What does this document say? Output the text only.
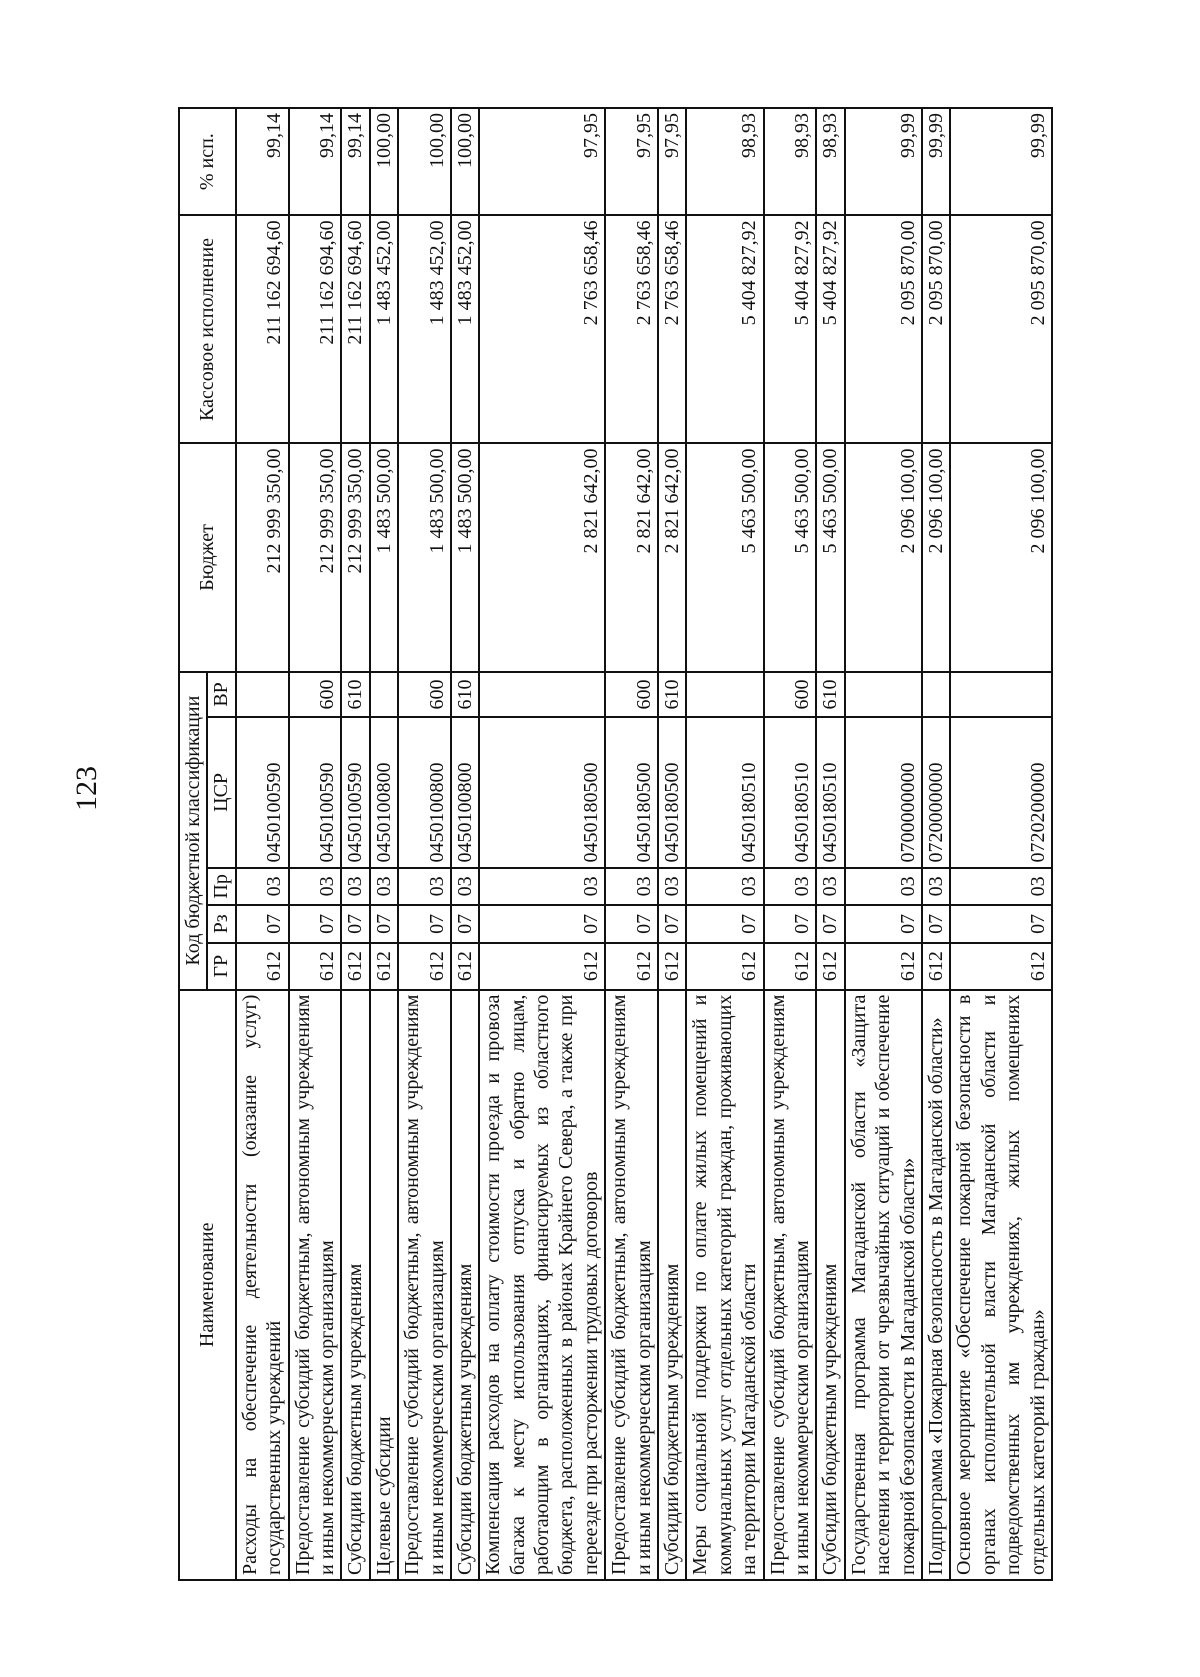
123
Наименование	Код бюджетной классификации					Бюджет	Кассовое исполнение	% исп.
	ГР	Рз	Пр	ЦСР	ВР			
Расходы на обеспечение деятельности (оказание услуг) государственных учреждений	612	07	03	0450100590		212 999 350,00	211 162 694,60	99,14
Предоставление субсидий бюджетным, автономным учреждениям и иным некоммерческим организациям	612	07	03	0450100590	600	212 999 350,00	211 162 694,60	99,14
Субсидии бюджетным учреждениям	612	07	03	0450100590	610	212 999 350,00	211 162 694,60	99,14
Целевые субсидии	612	07	03	0450100800		1 483 500,00	1 483 452,00	100,00
Предоставление субсидий бюджетным, автономным учреждениям и иным некоммерческим организациям	612	07	03	0450100800	600	1 483 500,00	1 483 452,00	100,00
Субсидии бюджетным учреждениям	612	07	03	0450100800	610	1 483 500,00	1 483 452,00	100,00
Компенсация расходов на оплату стоимости проезда и провоза багажа к месту использования отпуска и обратно лицам, работающим в организациях, финансируемых из областного бюджета, расположенных в районах Крайнего Севера, а также при переезде при расторжении трудовых договоров	612	07	03	0450180500		2 821 642,00	2 763 658,46	97,95
Предоставление субсидий бюджетным, автономным учреждениям и иным некоммерческим организациям	612	07	03	0450180500	600	2 821 642,00	2 763 658,46	97,95
Субсидии бюджетным учреждениям	612	07	03	0450180500	610	2 821 642,00	2 763 658,46	97,95
Меры социальной поддержки по оплате жилых помещений и коммунальных услуг отдельных категорий граждан, проживающих на территории Магаданской области	612	07	03	0450180510		5 463 500,00	5 404 827,92	98,93
Предоставление субсидий бюджетным, автономным учреждениям и иным некоммерческим организациям	612	07	03	0450180510	600	5 463 500,00	5 404 827,92	98,93
Субсидии бюджетным учреждениям	612	07	03	0450180510	610	5 463 500,00	5 404 827,92	98,93
Государственная программа Магаданской области «Защита населения и территории от чрезвычайных ситуаций и обеспечение пожарной безопасности в Магаданской области»	612	07	03	0700000000		2 096 100,00	2 095 870,00	99,99
Подпрограмма «Пожарная безопасность в Магаданской области»	612	07	03	0720000000		2 096 100,00	2 095 870,00	99,99
Основное мероприятие «Обеспечение пожарной безопасности в органах исполнительной власти Магаданской области и подведомственных им учреждениях, жилых помещениях отдельных категорий граждан»	612	07	03	0720200000		2 096 100,00	2 095 870,00	99,99
